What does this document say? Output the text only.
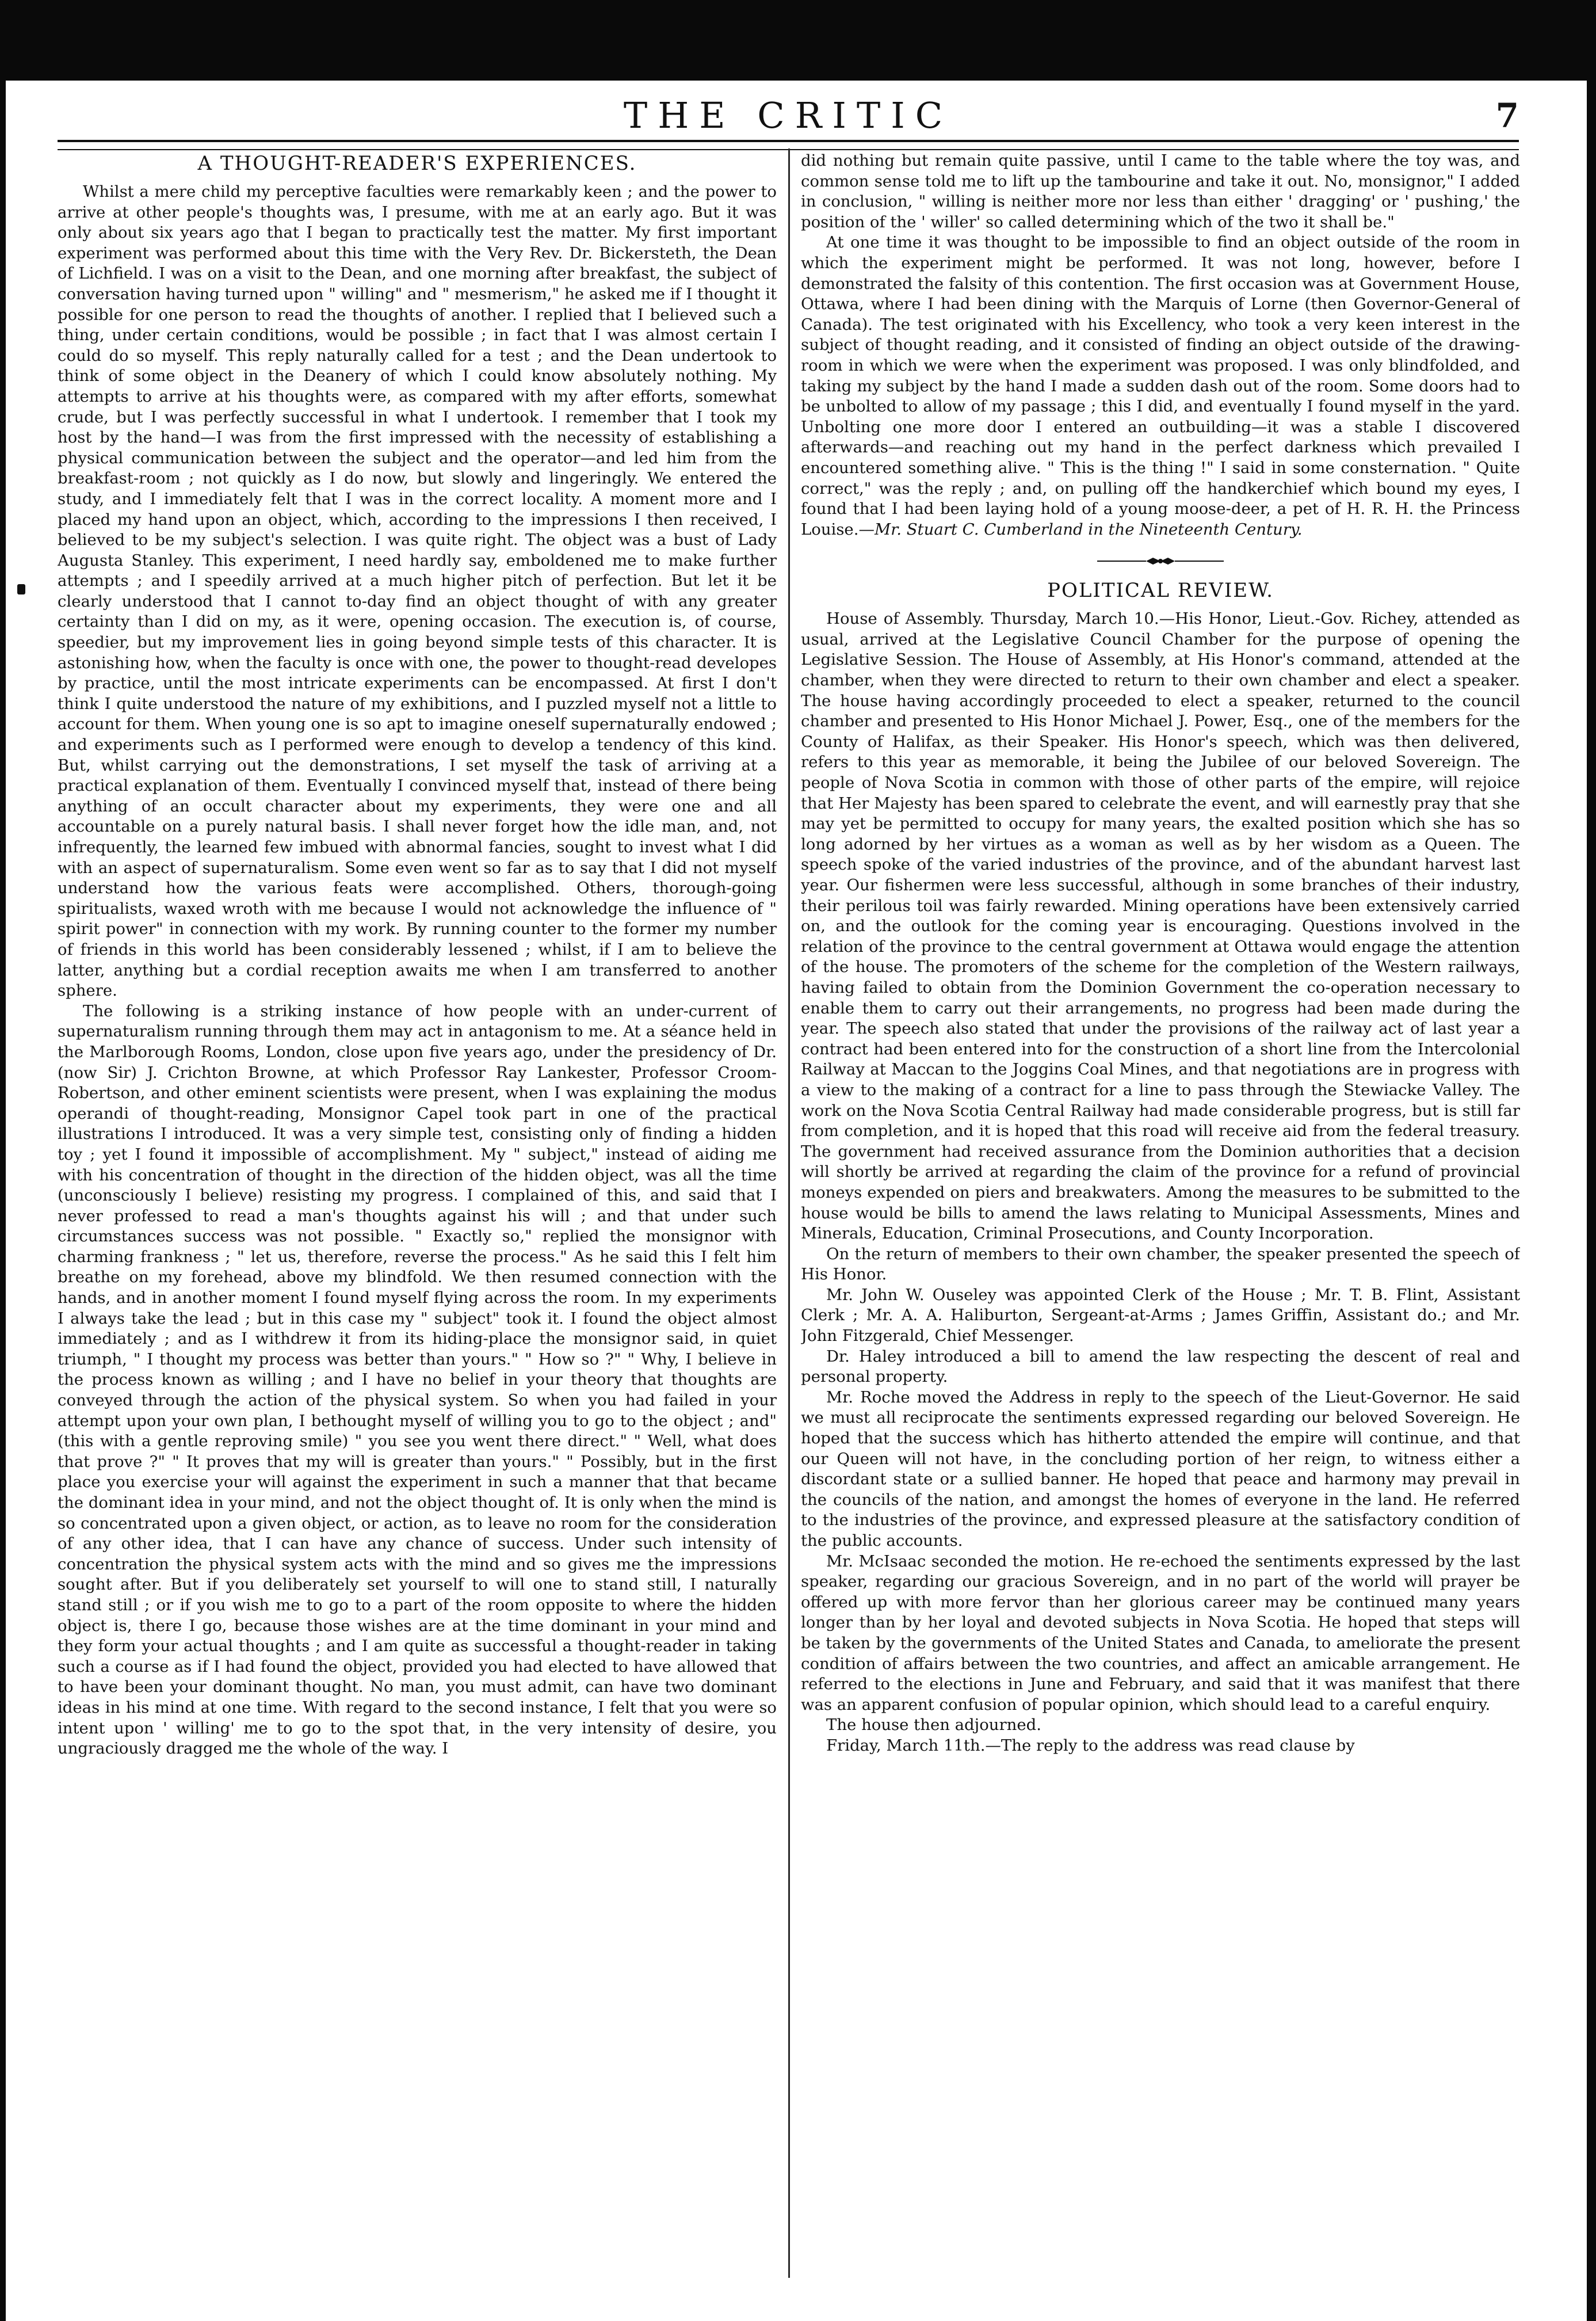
THE CRITIC	7
A THOUGHT-READER'S EXPERIENCES.

Whilst a mere child my perceptive faculties were remarkably keen ; and the power to arrive at other people's thoughts was, I presume, with me at an early ago. But it was only about six years ago that I began to practically test the matter. My first important experiment was performed about this time with the Very Rev. Dr. Bickersteth, the Dean of Lichfield. I was on a visit to the Dean, and one morning after breakfast, the subject of conversation having turned upon " willing" and " mesmerism," he asked me if I thought it possible for one person to read the thoughts of another. I replied that I believed such a thing, under certain conditions, would be possible ; in fact that I was almost certain I could do so myself. This reply naturally called for a test ; and the Dean undertook to think of some object in the Deanery of which I could know absolutely nothing. My attempts to arrive at his thoughts were, as compared with my after efforts, somewhat crude, but I was perfectly successful in what I undertook. I remember that I took my host by the hand—I was from the first impressed with the necessity of establishing a physical communication between the subject and the operator—and led him from the breakfast-room ; not quickly as I do now, but slowly and lingeringly. We entered the study, and I immediately felt that I was in the correct locality. A moment more and I placed my hand upon an object, which, according to the impressions I then received, I believed to be my subject's selection. I was quite right. The object was a bust of Lady Augusta Stanley. This experiment, I need hardly say, emboldened me to make further attempts ; and I speedily arrived at a much higher pitch of perfection. But let it be clearly understood that I cannot to-day find an object thought of with any greater certainty than I did on my, as it were, opening occasion. The execution is, of course, speedier, but my improvement lies in going beyond simple tests of this character. It is astonishing how, when the faculty is once with one, the power to thought-read developes by practice, until the most intricate experiments can be encompassed. At first I don't think I quite understood the nature of my exhibitions, and I puzzled myself not a little to account for them. When young one is so apt to imagine oneself supernaturally endowed ; and experiments such as I performed were enough to develop a tendency of this kind. But, whilst carrying out the demonstrations, I set myself the task of arriving at a practical explanation of them. Eventually I convinced myself that, instead of there being anything of an occult character about my experiments, they were one and all accountable on a purely natural basis. I shall never forget how the idle man, and, not infrequently, the learned few imbued with abnormal fancies, sought to invest what I did with an aspect of supernaturalism. Some even went so far as to say that I did not myself understand how the various feats were accomplished. Others, thorough-going spiritualists, waxed wroth with me because I would not acknowledge the influence of " spirit power" in connection with my work. By running counter to the former my number of friends in this world has been considerably lessened ; whilst, if I am to believe the latter, anything but a cordial reception awaits me when I am transferred to another sphere.

The following is a striking instance of how people with an under-current of supernaturalism running through them may act in antagonism to me. At a séance held in the Marlborough Rooms, London, close upon five years ago, under the presidency of Dr. (now Sir) J. Crichton Browne, at which Professor Ray Lankester, Professor Croom-Robertson, and other eminent scientists were present, when I was explaining the modus operandi of thought-reading, Monsignor Capel took part in one of the practical illustrations I introduced. It was a very simple test, consisting only of finding a hidden toy ; yet I found it impossible of accomplishment. My " subject," instead of aiding me with his concentration of thought in the direction of the hidden object, was all the time (unconsciously I believe) resisting my progress. I complained of this, and said that I never professed to read a man's thoughts against his will ; and that under such circumstances success was not possible. " Exactly so," replied the monsignor with charming frankness ; " let us, therefore, reverse the process." As he said this I felt him breathe on my forehead, above my blindfold. We then resumed connection with the hands, and in another moment I found myself flying across the room. In my experiments I always take the lead ; but in this case my " subject" took it. I found the object almost immediately ; and as I withdrew it from its hiding-place the monsignor said, in quiet triumph, " I thought my process was better than yours." " How so ?" " Why, I believe in the process known as willing ; and I have no belief in your theory that thoughts are conveyed through the action of the physical system. So when you had failed in your attempt upon your own plan, I bethought myself of willing you to go to the object ; and" (this with a gentle reproving smile) " you see you went there direct." " Well, what does that prove ?" " It proves that my will is greater than yours." " Possibly, but in the first place you exercise your will against the experiment in such a manner that that became the dominant idea in your mind, and not the object thought of. It is only when the mind is so concentrated upon a given object, or action, as to leave no room for the consideration of any other idea, that I can have any chance of success. Under such intensity of concentration the physical system acts with the mind and so gives me the impressions sought after. But if you deliberately set yourself to will one to stand still, I naturally stand still ; or if you wish me to go to a part of the room opposite to where the hidden object is, there I go, because those wishes are at the time dominant in your mind and they form your actual thoughts ; and I am quite as successful a thought-reader in taking such a course as if I had found the object, provided you had elected to have allowed that to have been your dominant thought. No man, you must admit, can have two dominant ideas in his mind at one time. With regard to the second instance, I felt that you were so intent upon ' willing' me to go to the spot that, in the very intensity of desire, you ungraciously dragged me the whole of the way. I

did nothing but remain quite passive, until I came to the table where the toy was, and common sense told me to lift up the tambourine and take it out. No, monsignor," I added in conclusion, " willing is neither more nor less than either ' dragging' or ' pushing,' the position of the ' willer' so called determining which of the two it shall be."

At one time it was thought to be impossible to find an object outside of the room in which the experiment might be performed. It was not long, however, before I demonstrated the falsity of this contention. The first occasion was at Government House, Ottawa, where I had been dining with the Marquis of Lorne (then Governor-General of Canada). The test originated with his Excellency, who took a very keen interest in the subject of thought reading, and it consisted of finding an object outside of the drawing-room in which we were when the experiment was proposed. I was only blindfolded, and taking my subject by the hand I made a sudden dash out of the room. Some doors had to be unbolted to allow of my passage ; this I did, and eventually I found myself in the yard. Unbolting one more door I entered an outbuilding—it was a stable I discovered afterwards—and reaching out my hand in the perfect darkness which prevailed I encountered something alive. " This is the thing !" I said in some consternation. " Quite correct," was the reply ; and, on pulling off the handkerchief which bound my eyes, I found that I had been laying hold of a young moose-deer, a pet of H. R. H. the Princess Louise.—Mr. Stuart C. Cumberland in the Nineteenth Century.

POLITICAL REVIEW.

House of Assembly. Thursday, March 10.—His Honor, Lieut.-Gov. Richey, attended as usual, arrived at the Legislative Council Chamber for the purpose of opening the Legislative Session. The House of Assembly, at His Honor's command, attended at the chamber, when they were directed to return to their own chamber and elect a speaker. The house having accordingly proceeded to elect a speaker, returned to the council chamber and presented to His Honor Michael J. Power, Esq., one of the members for the County of Halifax, as their Speaker. His Honor's speech, which was then delivered, refers to this year as memorable, it being the Jubilee of our beloved Sovereign. The people of Nova Scotia in common with those of other parts of the empire, will rejoice that Her Majesty has been spared to celebrate the event, and will earnestly pray that she may yet be permitted to occupy for many years, the exalted position which she has so long adorned by her virtues as a woman as well as by her wisdom as a Queen. The speech spoke of the varied industries of the province, and of the abundant harvest last year. Our fishermen were less successful, although in some branches of their industry, their perilous toil was fairly rewarded. Mining operations have been extensively carried on, and the outlook for the coming year is encouraging. Questions involved in the relation of the province to the central government at Ottawa would engage the attention of the house. The promoters of the scheme for the completion of the Western railways, having failed to obtain from the Dominion Government the co-operation necessary to enable them to carry out their arrangements, no progress had been made during the year. The speech also stated that under the provisions of the railway act of last year a contract had been entered into for the construction of a short line from the Intercolonial Railway at Maccan to the Joggins Coal Mines, and that negotiations are in progress with a view to the making of a contract for a line to pass through the Stewiacke Valley. The work on the Nova Scotia Central Railway had made considerable progress, but is still far from completion, and it is hoped that this road will receive aid from the federal treasury. The government had received assurance from the Dominion authorities that a decision will shortly be arrived at regarding the claim of the province for a refund of provincial moneys expended on piers and breakwaters. Among the measures to be submitted to the house would be bills to amend the laws relating to Municipal Assessments, Mines and Minerals, Education, Criminal Prosecutions, and County Incorporation.

On the return of members to their own chamber, the speaker presented the speech of His Honor.

Mr. John W. Ouseley was appointed Clerk of the House ; Mr. T. B. Flint, Assistant Clerk ; Mr. A. A. Haliburton, Sergeant-at-Arms ; James Griffin, Assistant do.; and Mr. John Fitzgerald, Chief Messenger.

Dr. Haley introduced a bill to amend the law respecting the descent of real and personal property.

Mr. Roche moved the Address in reply to the speech of the Lieut-Governor. He said we must all reciprocate the sentiments expressed regarding our beloved Sovereign. He hoped that the success which has hitherto attended the empire will continue, and that our Queen will not have, in the concluding portion of her reign, to witness either a discordant state or a sullied banner. He hoped that peace and harmony may prevail in the councils of the nation, and amongst the homes of everyone in the land. He referred to the industries of the province, and expressed pleasure at the satisfactory condition of the public accounts.

Mr. McIsaac seconded the motion. He re-echoed the sentiments expressed by the last speaker, regarding our gracious Sovereign, and in no part of the world will prayer be offered up with more fervor than her glorious career may be continued many years longer than by her loyal and devoted subjects in Nova Scotia. He hoped that steps will be taken by the governments of the United States and Canada, to ameliorate the present condition of affairs between the two countries, and affect an amicable arrangement. He referred to the elections in June and February, and said that it was manifest that there was an apparent confusion of popular opinion, which should lead to a careful enquiry.

The house then adjourned.

Friday, March 11th.—The reply to the address was read clause by
